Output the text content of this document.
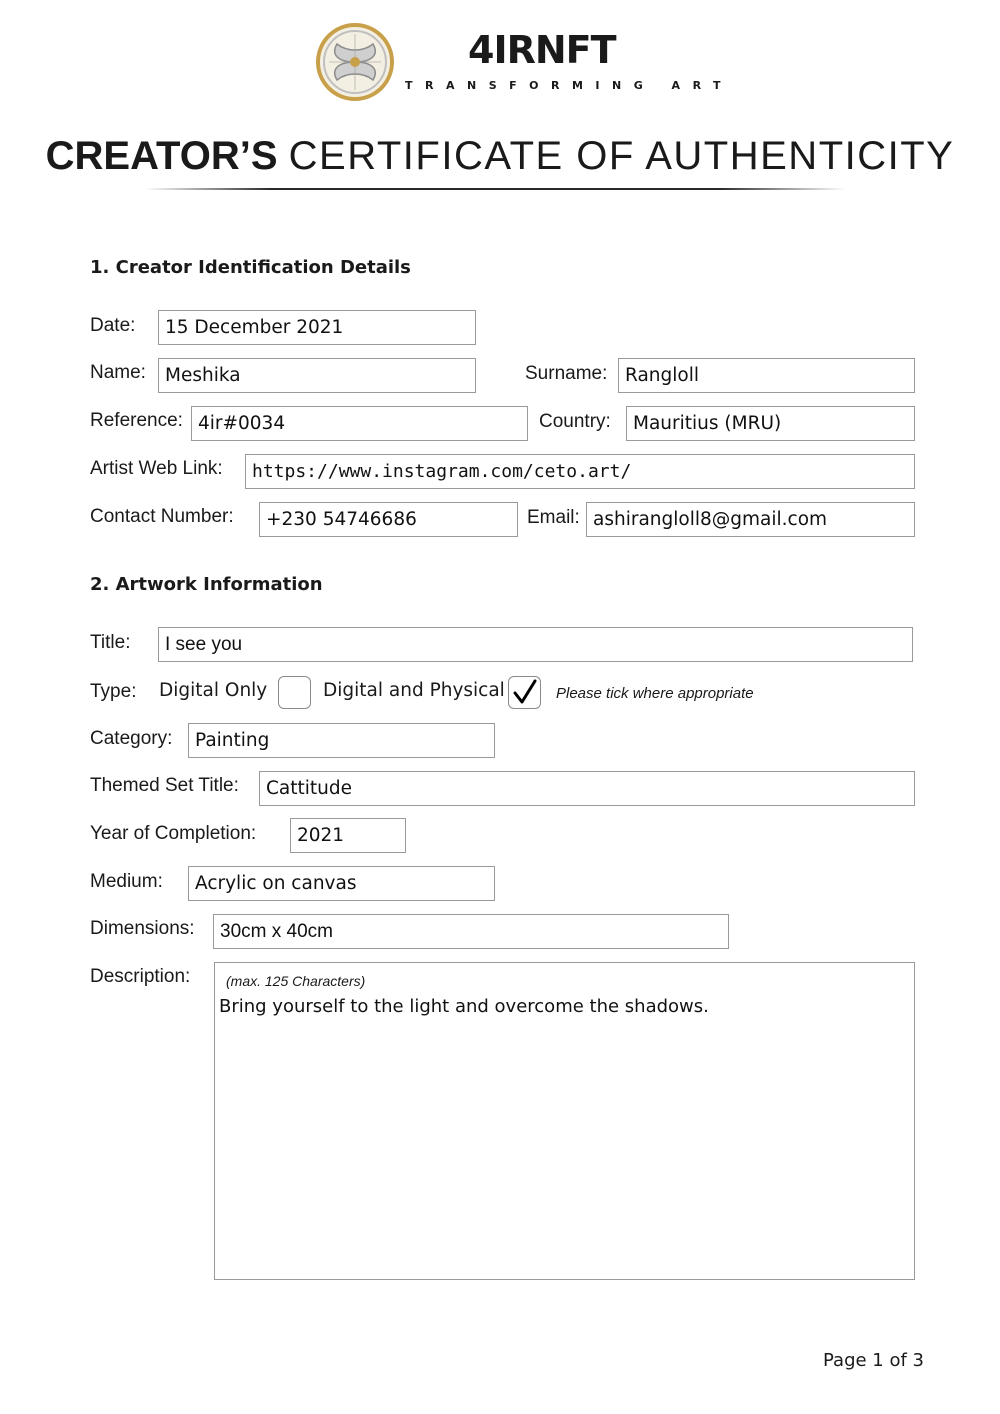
4IRNFT
TRANSFORMING ART
CREATOR’S CERTIFICATE OF AUTHENTICITY
1. Creator Identification Details
Date:	15 December 2021
Name:	Meshika	Surname: Rangloll
Reference: 4ir#0034	Country:	Mauritius (MRU)
Artist Web Link:	https://www.instagram.com/ceto.art/
Contact Number:	+230 54746686	Email: ashirangloll8@gmail.com
2. Artwork Information
Title:	I see you
Type: Digital Only	Digital and Physical	Please tick where appropriate
Category:	Painting
Themed Set Title:	Cattitude
Year of Completion:	2021
Medium:	Acrylic on canvas
Dimensions:	30cm x 40cm
Description:	(max. 125 Characters)
Bring yourself to the light and overcome the shadows.
Page 1 of 3
